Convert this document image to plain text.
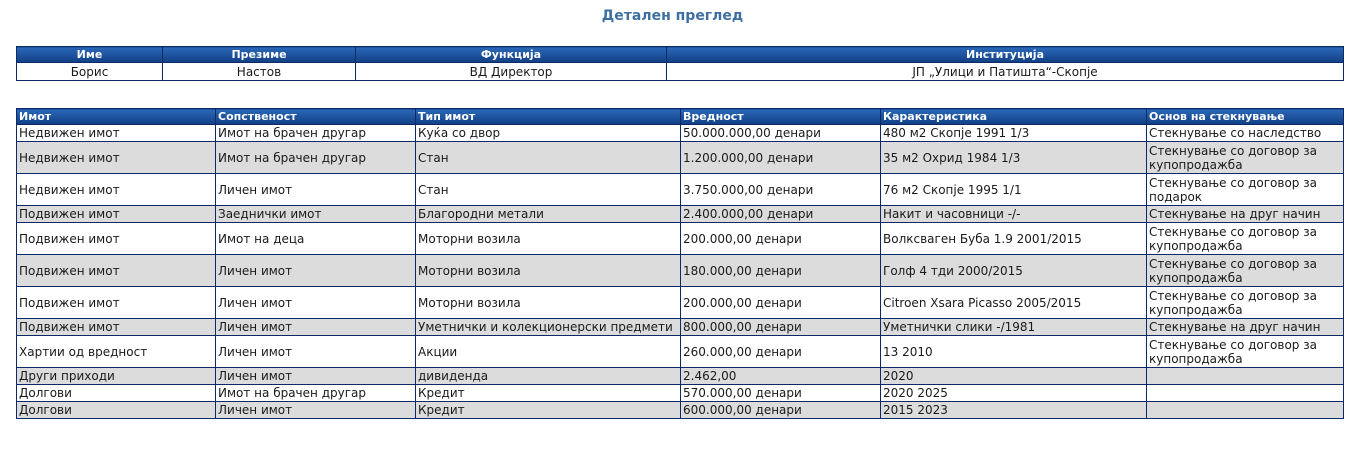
Детален преглед
Име	Презиме	Функција	Институција
Борис	Настов	ВД Директор	ЈП „Улици и Патишта“-Скопје
Имот	Сопственост	Тип имот	Вредност	Карактеристика	Основ на стекнување
Недвижен имот	Имот на брачен другар	Куќа со двор	50.000.000,00 денари	480 м2 Скопје 1991 1/3	Стекнување со наследство
Недвижен имот	Имот на брачен другар	Стан	1.200.000,00 денари	35 м2 Охрид 1984 1/3	Стекнување со договор за купопродажба
Недвижен имот	Личен имот	Стан	3.750.000,00 денари	76 м2 Скопје 1995 1/1	Стекнување со договор за подарок
Подвижен имот	Заеднички имот	Благородни метали	2.400.000,00 денари	Накит и часовници -/-	Стекнување на друг начин
Подвижен имот	Имот на деца	Моторни возила	200.000,00 денари	Волксваген Буба 1.9 2001/2015	Стекнување со договор за купопродажба
Подвижен имот	Личен имот	Моторни возила	180.000,00 денари	Голф 4 тди 2000/2015	Стекнување со договор за купопродажба
Подвижен имот	Личен имот	Моторни возила	200.000,00 денари	Citroen Xsara Picasso 2005/2015	Стекнување со договор за купопродажба
Подвижен имот	Личен имот	Уметнички и колекционерски предмети	800.000,00 денари	Уметнички слики -/1981	Стекнување на друг начин
Хартии од вредност	Личен имот	Акции	260.000,00 денари	13 2010	Стекнување со договор за купопродажба
Други приходи	Личен имот	дивиденда	2.462,00	2020	
Долгови	Имот на брачен другар	Кредит	570.000,00 денари	2020 2025	
Долгови	Личен имот	Кредит	600.000,00 денари	2015 2023	
